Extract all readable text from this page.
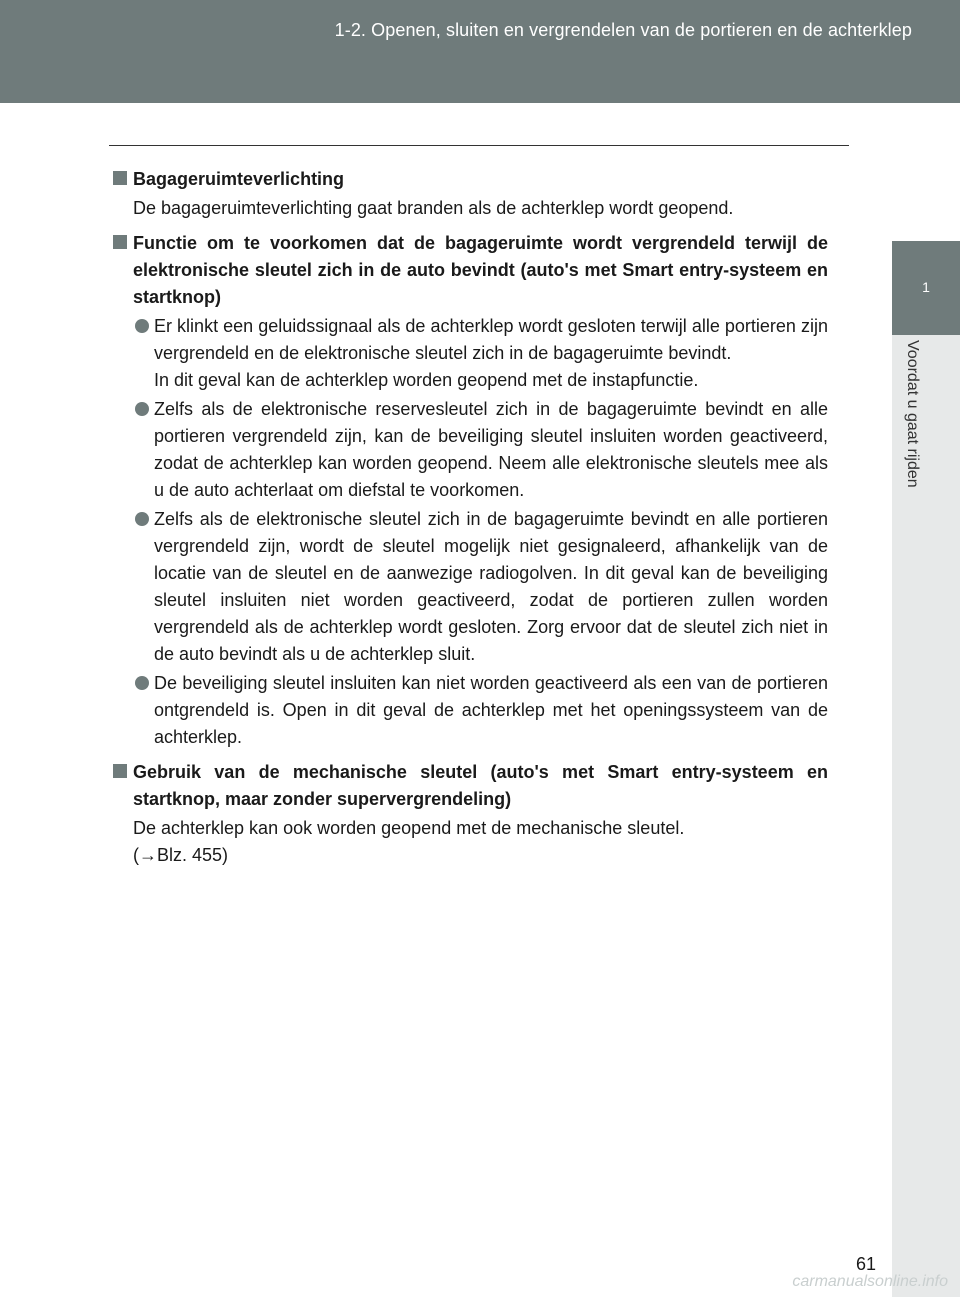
1-2. Openen, sluiten en vergrendelen van de portieren en de achterklep
1
Voordat u gaat rijden
Bagageruimteverlichting
De bagageruimteverlichting gaat branden als de achterklep wordt geopend.
Functie om te voorkomen dat de bagageruimte wordt vergrendeld terwijl de elektronische sleutel zich in de auto bevindt (auto's met Smart entry-systeem en startknop)

Er klinkt een geluidssignaal als de achterklep wordt gesloten terwijl alle portieren zijn vergrendeld en de elektronische sleutel zich in de bagageruimte bevindt.

In dit geval kan de achterklep worden geopend met de instapfunctie.

Zelfs als de elektronische reservesleutel zich in de bagageruimte bevindt en alle portieren vergrendeld zijn, kan de beveiliging sleutel insluiten worden geactiveerd, zodat de achterklep kan worden geopend. Neem alle elektronische sleutels mee als u de auto achterlaat om diefstal te voorkomen.

Zelfs als de elektronische sleutel zich in de bagageruimte bevindt en alle portieren vergrendeld zijn, wordt de sleutel mogelijk niet gesignaleerd, afhankelijk van de locatie van de sleutel en de aanwezige radiogolven. In dit geval kan de beveiliging sleutel insluiten niet worden geactiveerd, zodat de portieren zullen worden vergrendeld als de achterklep wordt gesloten. Zorg ervoor dat de sleutel zich niet in de auto bevindt als u de achterklep sluit.

De beveiliging sleutel insluiten kan niet worden geactiveerd als een van de portieren ontgrendeld is. Open in dit geval de achterklep met het openingssysteem van de achterklep.

Gebruik van de mechanische sleutel (auto's met Smart entry-systeem en startknop, maar zonder supervergrendeling)
De achterklep kan ook worden geopend met de mechanische sleutel.
(→Blz. 455)
61
carmanualsonline.info
